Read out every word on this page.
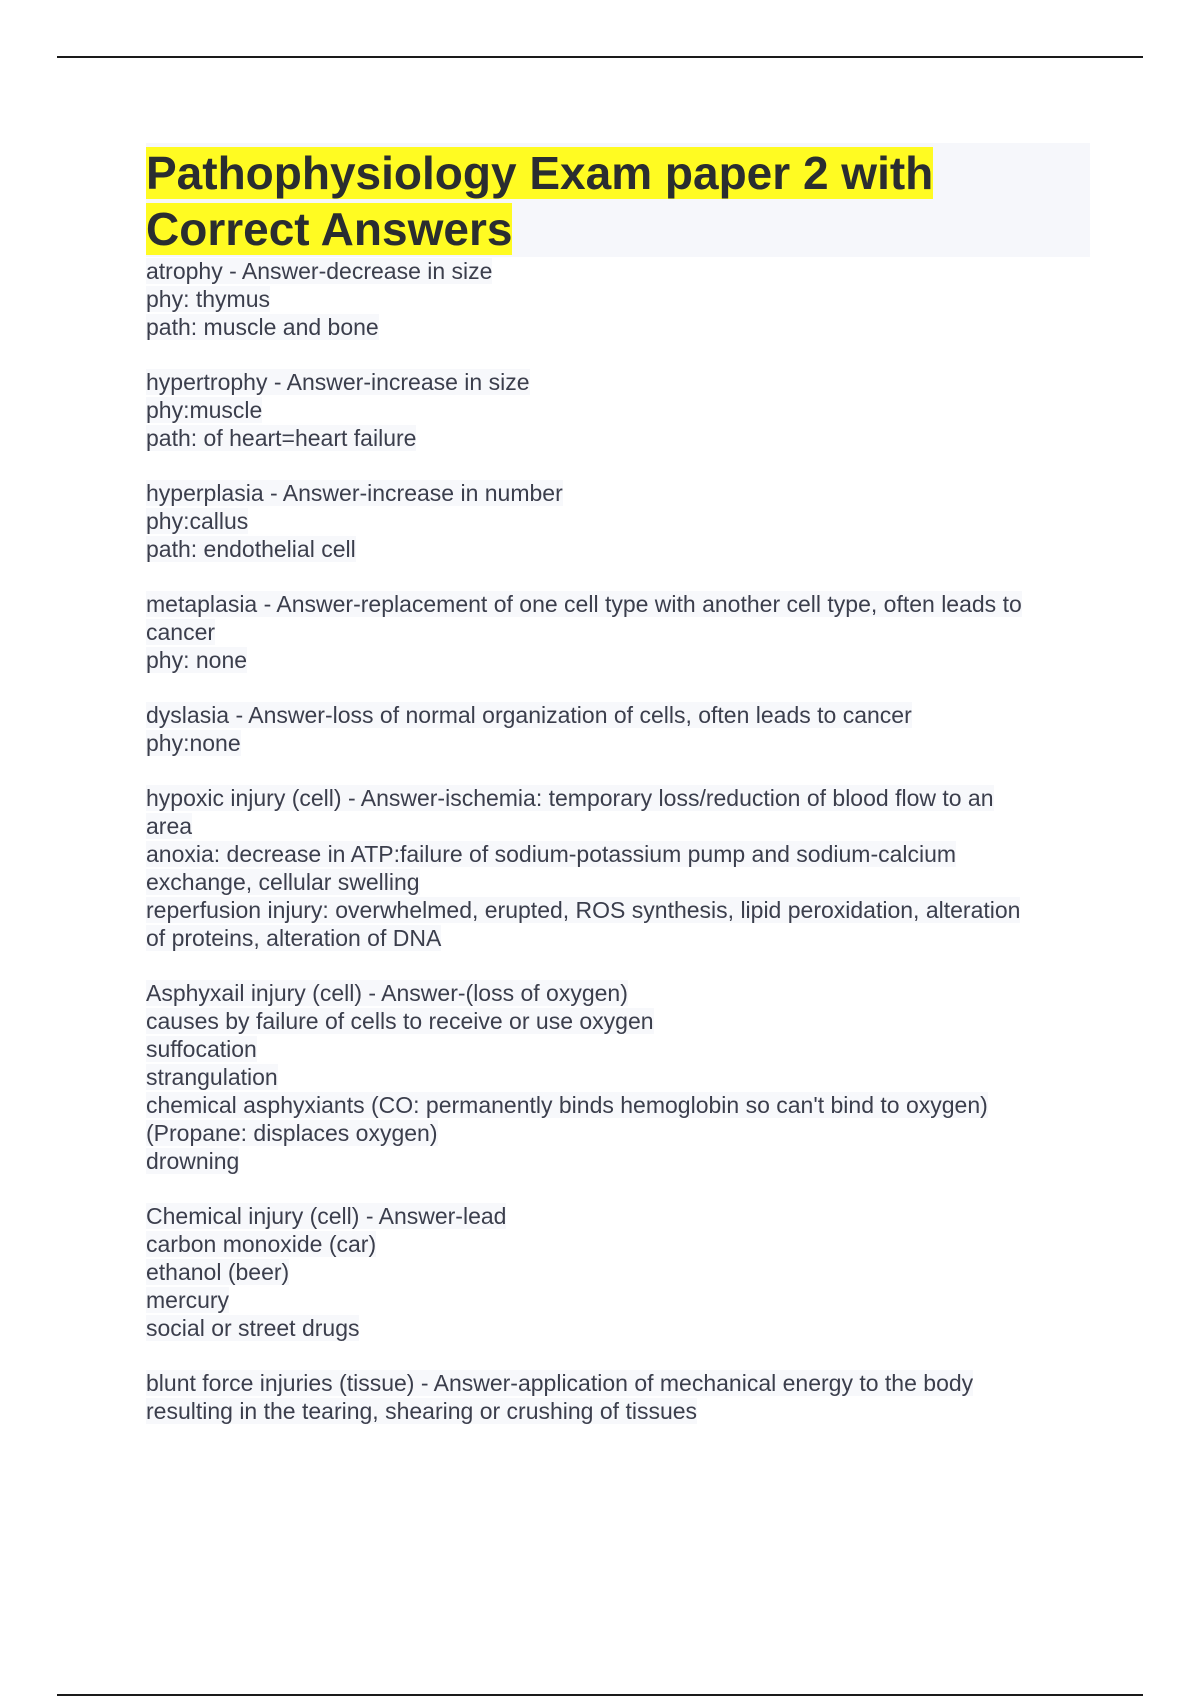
Pathophysiology Exam paper 2 with Correct Answers
atrophy - Answer-decrease in size
phy: thymus
path: muscle and bone
hypertrophy - Answer-increase in size
phy:muscle
path: of heart=heart failure
hyperplasia - Answer-increase in number
phy:callus
path: endothelial cell
metaplasia - Answer-replacement of one cell type with another cell type, often leads to
cancer
phy: none
dyslasia - Answer-loss of normal organization of cells, often leads to cancer
phy:none
hypoxic injury (cell) - Answer-ischemia: temporary loss/reduction of blood flow to an
area
anoxia: decrease in ATP:failure of sodium-potassium pump and sodium-calcium
exchange, cellular swelling
reperfusion injury: overwhelmed, erupted, ROS synthesis, lipid peroxidation, alteration
of proteins, alteration of DNA
Asphyxail injury (cell) - Answer-(loss of oxygen)
causes by failure of cells to receive or use oxygen
suffocation
strangulation
chemical asphyxiants (CO: permanently binds hemoglobin so can't bind to oxygen)
(Propane: displaces oxygen)
drowning
Chemical injury (cell) - Answer-lead
carbon monoxide (car)
ethanol (beer)
mercury
social or street drugs
blunt force injuries (tissue) - Answer-application of mechanical energy to the body
resulting in the tearing, shearing or crushing of tissues
